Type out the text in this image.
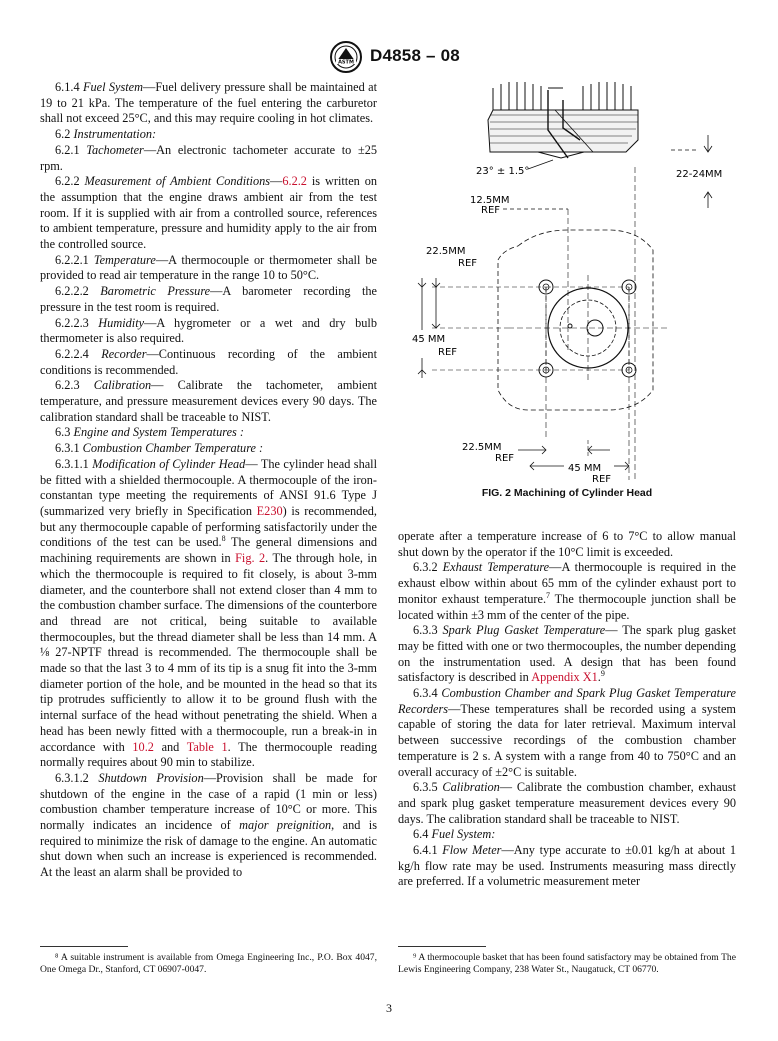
ASTM D4858 – 08

6.1.4 Fuel System—Fuel delivery pressure shall be maintained at 19 to 21 kPa. The temperature of the fuel entering the carburetor shall not exceed 25°C, and this may require cooling in hot climates.

6.2 Instrumentation:

6.2.1 Tachometer—An electronic tachometer accurate to ±25 rpm.

6.2.2 Measurement of Ambient Conditions—6.2.2 is written on the assumption that the engine draws ambient air from the test room. If it is supplied with air from a controlled source, references to ambient temperature, pressure and humidity apply to the air from the controlled source.

6.2.2.1 Temperature—A thermocouple or thermometer shall be provided to read air temperature in the range 10 to 50°C.

6.2.2.2 Barometric Pressure—A barometer recording the pressure in the test room is required.

6.2.2.3 Humidity—A hygrometer or a wet and dry bulb thermometer is also required.

6.2.2.4 Recorder—Continuous recording of the ambient conditions is recommended.

6.2.3 Calibration— Calibrate the tachometer, ambient temperature, and pressure measurement devices every 90 days. The calibration standard shall be traceable to NIST.

6.3 Engine and System Temperatures :

6.3.1 Combustion Chamber Temperature :

6.3.1.1 Modification of Cylinder Head— The cylinder head shall be fitted with a shielded thermocouple. A thermocouple of the iron-constantan type meeting the requirements of ANSI 91.6 Type J (summarized very briefly in Specification E230) is recommended, but any thermocouple capable of performing satisfactorily under the conditions of the test can be used.$^8$ The general dimensions and machining requirements are shown in Fig. 2. The through hole, in which the thermocouple is required to fit closely, is about 3-mm diameter, and the counterbore shall not extend closer than 4 mm to the combustion chamber surface. The dimensions of the counterbore and thread are not critical, being suitable to available thermocouples, but the thread diameter shall be less than 14 mm. A ⅛ 27-NPTF thread is recommended. The thermocouple shall be made so that the last 3 to 4 mm of its tip is a snug fit into the 3-mm diameter portion of the hole, and be mounted in the head so that its tip protrudes sufficiently to allow it to be ground flush with the internal surface of the head without penetrating the shield. When a head has been newly fitted with a thermocouple, run a break-in in accordance with 10.2 and Table 1. The thermocouple reading normally requires about 90 min to stabilize.

6.3.1.2 Shutdown Provision—Provision shall be made for shutdown of the engine in the case of a rapid (1 min or less) combustion chamber temperature increase of 10°C or more. This normally indicates an incidence of major preignition, and is required to minimize the risk of damage to the engine. An automatic shut down when such an increase is experienced is recommended. At the least an alarm shall be provided to

23° ± 1.5°	22-24MM
12.5MM
REF
22.5MM
REF
45 MM
REF
22.5MM
REF
45 MM
REF
FIG. 2 Machining of Cylinder Head

operate after a temperature increase of 6 to 7°C to allow manual shut down by the operator if the 10°C limit is exceeded.

6.3.2 Exhaust Temperature—A thermocouple is required in the exhaust elbow within about 65 mm of the cylinder exhaust port to monitor exhaust temperature.$^7$ The thermocouple junction shall be located within ±3 mm of the center of the pipe.

6.3.3 Spark Plug Gasket Temperature— The spark plug gasket may be fitted with one or two thermocouples, the number depending on the instrumentation used. A design that has been found satisfactory is described in Appendix X1.$^9$

6.3.4 Combustion Chamber and Spark Plug Gasket Temperature Recorders—These temperatures shall be recorded using a system capable of storing the data for later retrieval. Maximum interval between successive recordings of the combustion chamber temperature is 2 s. A system with a range from 40 to 750°C and an overall accuracy of ±2°C is suitable.

6.3.5 Calibration— Calibrate the combustion chamber, exhaust and spark plug gasket temperature measurement devices every 90 days. The calibration standard shall be traceable to NIST.

6.4 Fuel System:

6.4.1 Flow Meter—Any type accurate to ±0.01 kg/h at about 1 kg/h flow rate may be used. Instruments measuring mass directly are preferred. If a volumetric measurement meter

⁸ A suitable instrument is available from Omega Engineering Inc., P.O. Box 4047, One Omega Dr., Stanford, CT 06907-0047.
⁹ A thermocouple basket that has been found satisfactory may be obtained from The Lewis Engineering Company, 238 Water St., Naugatuck, CT 06770.
3
